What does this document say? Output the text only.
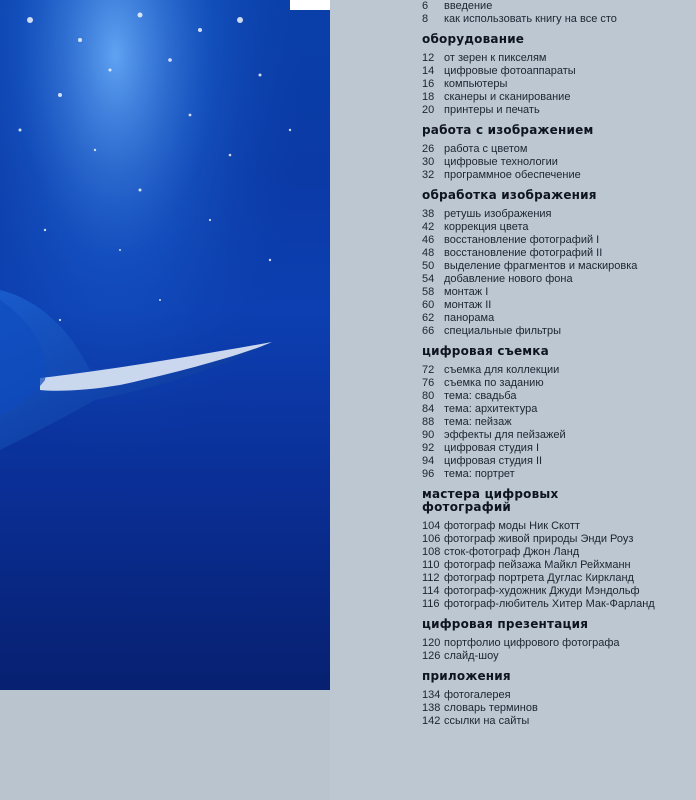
6	введение
8	как использовать книгу на все сто
оборудование
12 от зерен к пикселям
14 цифровые фотоаппараты
16 компьютеры
18 сканеры и сканирование
20 принтеры и печать
работа с изображением
26 работа с цветом
30 цифровые технологии
32 программное обеспечение
обработка изображения
38 ретушь изображения
42 коррекция цвета
46 восстановление фотографий I
48 восстановление фотографий II
50 выделение фрагментов и маскировка
54 добавление нового фона
58 монтаж I
60 монтаж II
62 панорама
66 специальные фильтры
цифровая съемка
72 съемка для коллекции
76 съемка по заданию
80 тема: свадьба
84 тема: архитектура
88 тема: пейзаж
90 эффекты для пейзажей
92 цифровая студия I
94 цифровая студия II
96 тема: портрет
мастера цифровых фотографий
104 фотограф моды Ник Скотт
106 фотограф живой природы Энди Роуз
108 сток-фотограф Джон Ланд
110 фотограф пейзажа Майкл Рейхманн
112 фотограф портрета Дуглас Киркланд
114 фотограф-художник Джуди Мэндольф
116 фотограф-любитель Хитер Мак-Фарланд
цифровая презентация
120 портфолио цифрового фотографа
126 слайд-шоу
приложения
134 фотогалерея
138 словарь терминов
142 ссылки на сайты
